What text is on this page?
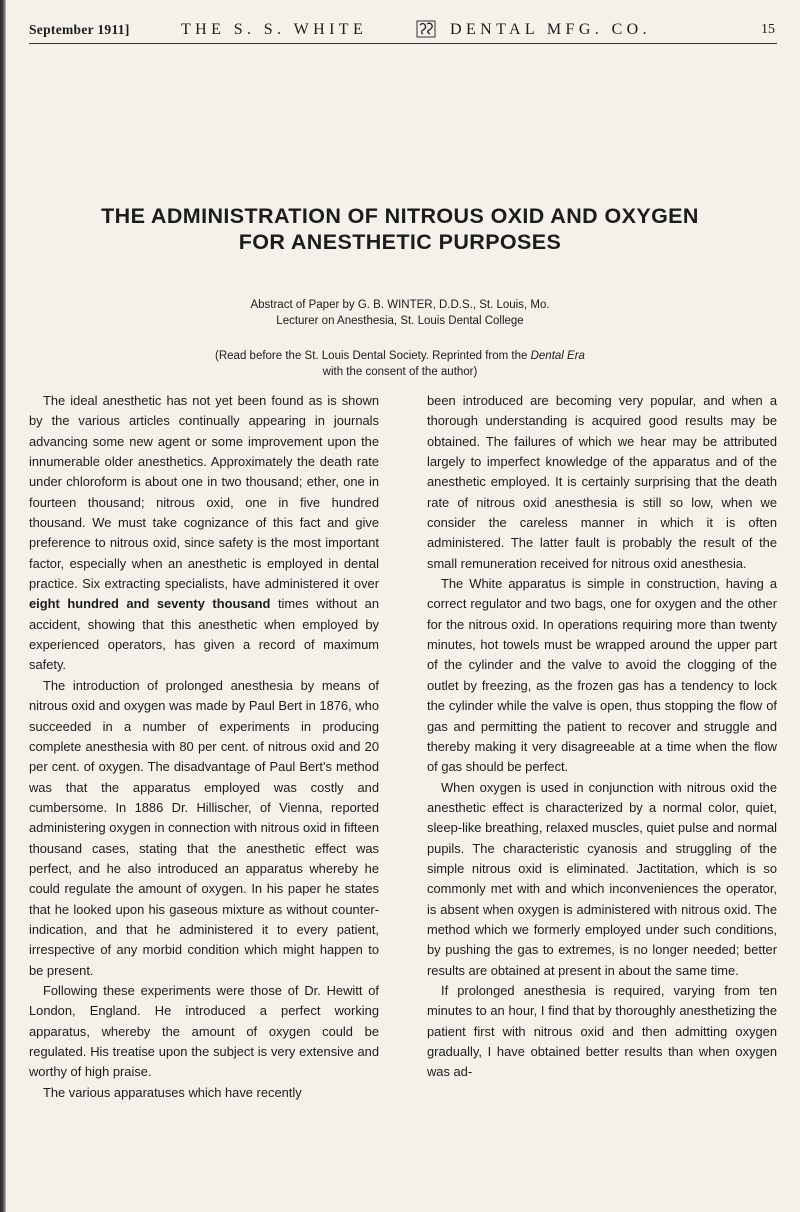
September 1911]	THE S. S. WHITE	DENTAL MFG. CO.	15
THE ADMINISTRATION OF NITROUS OXID AND OXYGEN
FOR ANESTHETIC PURPOSES
Abstract of Paper by G. B. WINTER, D.D.S., St. Louis, Mo.
Lecturer on Anesthesia, St. Louis Dental College
(Read before the St. Louis Dental Society. Reprinted from the Dental Era
with the consent of the author)

The ideal anesthetic has not yet been found as is shown by the various articles continually appearing in journals advancing some new agent or some improvement upon the innumerable older anesthetics. Approximately the death rate under chloroform is about one in two thousand; ether, one in fourteen thousand; nitrous oxid, one in five hundred thousand. We must take cognizance of this fact and give preference to nitrous oxid, since safety is the most important factor, especially when an anesthetic is employed in dental practice. Six extracting specialists, have administered it over eight hundred and seventy thousand times without an accident, showing that this anesthetic when employed by experienced operators, has given a record of maximum safety.

The introduction of prolonged anesthesia by means of nitrous oxid and oxygen was made by Paul Bert in 1876, who succeeded in a number of experiments in producing complete anesthesia with 80 per cent. of nitrous oxid and 20 per cent. of oxygen. The disadvantage of Paul Bert's method was that the apparatus employed was costly and cumbersome. In 1886 Dr. Hillischer, of Vienna, reported administering oxygen in connection with nitrous oxid in fifteen thousand cases, stating that the anesthetic effect was perfect, and he also introduced an apparatus whereby he could regulate the amount of oxygen. In his paper he states that he looked upon his gaseous mixture as without counter-indication, and that he administered it to every patient, irrespective of any morbid condition which might happen to be present.

Following these experiments were those of Dr. Hewitt of London, England. He introduced a perfect working apparatus, whereby the amount of oxygen could be regulated. His treatise upon the subject is very extensive and worthy of high praise.

The various apparatuses which have recently

been introduced are becoming very popular, and when a thorough understanding is acquired good results may be obtained. The failures of which we hear may be attributed largely to imperfect knowledge of the apparatus and of the anesthetic employed. It is certainly surprising that the death rate of nitrous oxid anesthesia is still so low, when we consider the careless manner in which it is often administered. The latter fault is probably the result of the small remuneration received for nitrous oxid anesthesia.

The White apparatus is simple in construction, having a correct regulator and two bags, one for oxygen and the other for the nitrous oxid. In operations requiring more than twenty minutes, hot towels must be wrapped around the upper part of the cylinder and the valve to avoid the clogging of the outlet by freezing, as the frozen gas has a tendency to lock the cylinder while the valve is open, thus stopping the flow of gas and permitting the patient to recover and struggle and thereby making it very disagreeable at a time when the flow of gas should be perfect.

When oxygen is used in conjunction with nitrous oxid the anesthetic effect is characterized by a normal color, quiet, sleep-like breathing, relaxed muscles, quiet pulse and normal pupils. The characteristic cyanosis and struggling of the simple nitrous oxid is eliminated. Jactitation, which is so commonly met with and which inconveniences the operator, is absent when oxygen is administered with nitrous oxid. The method which we formerly employed under such conditions, by pushing the gas to extremes, is no longer needed; better results are obtained at present in about the same time.

If prolonged anesthesia is required, varying from ten minutes to an hour, I find that by thoroughly anesthetizing the patient first with nitrous oxid and then admitting oxygen gradually, I have obtained better results than when oxygen was ad-
